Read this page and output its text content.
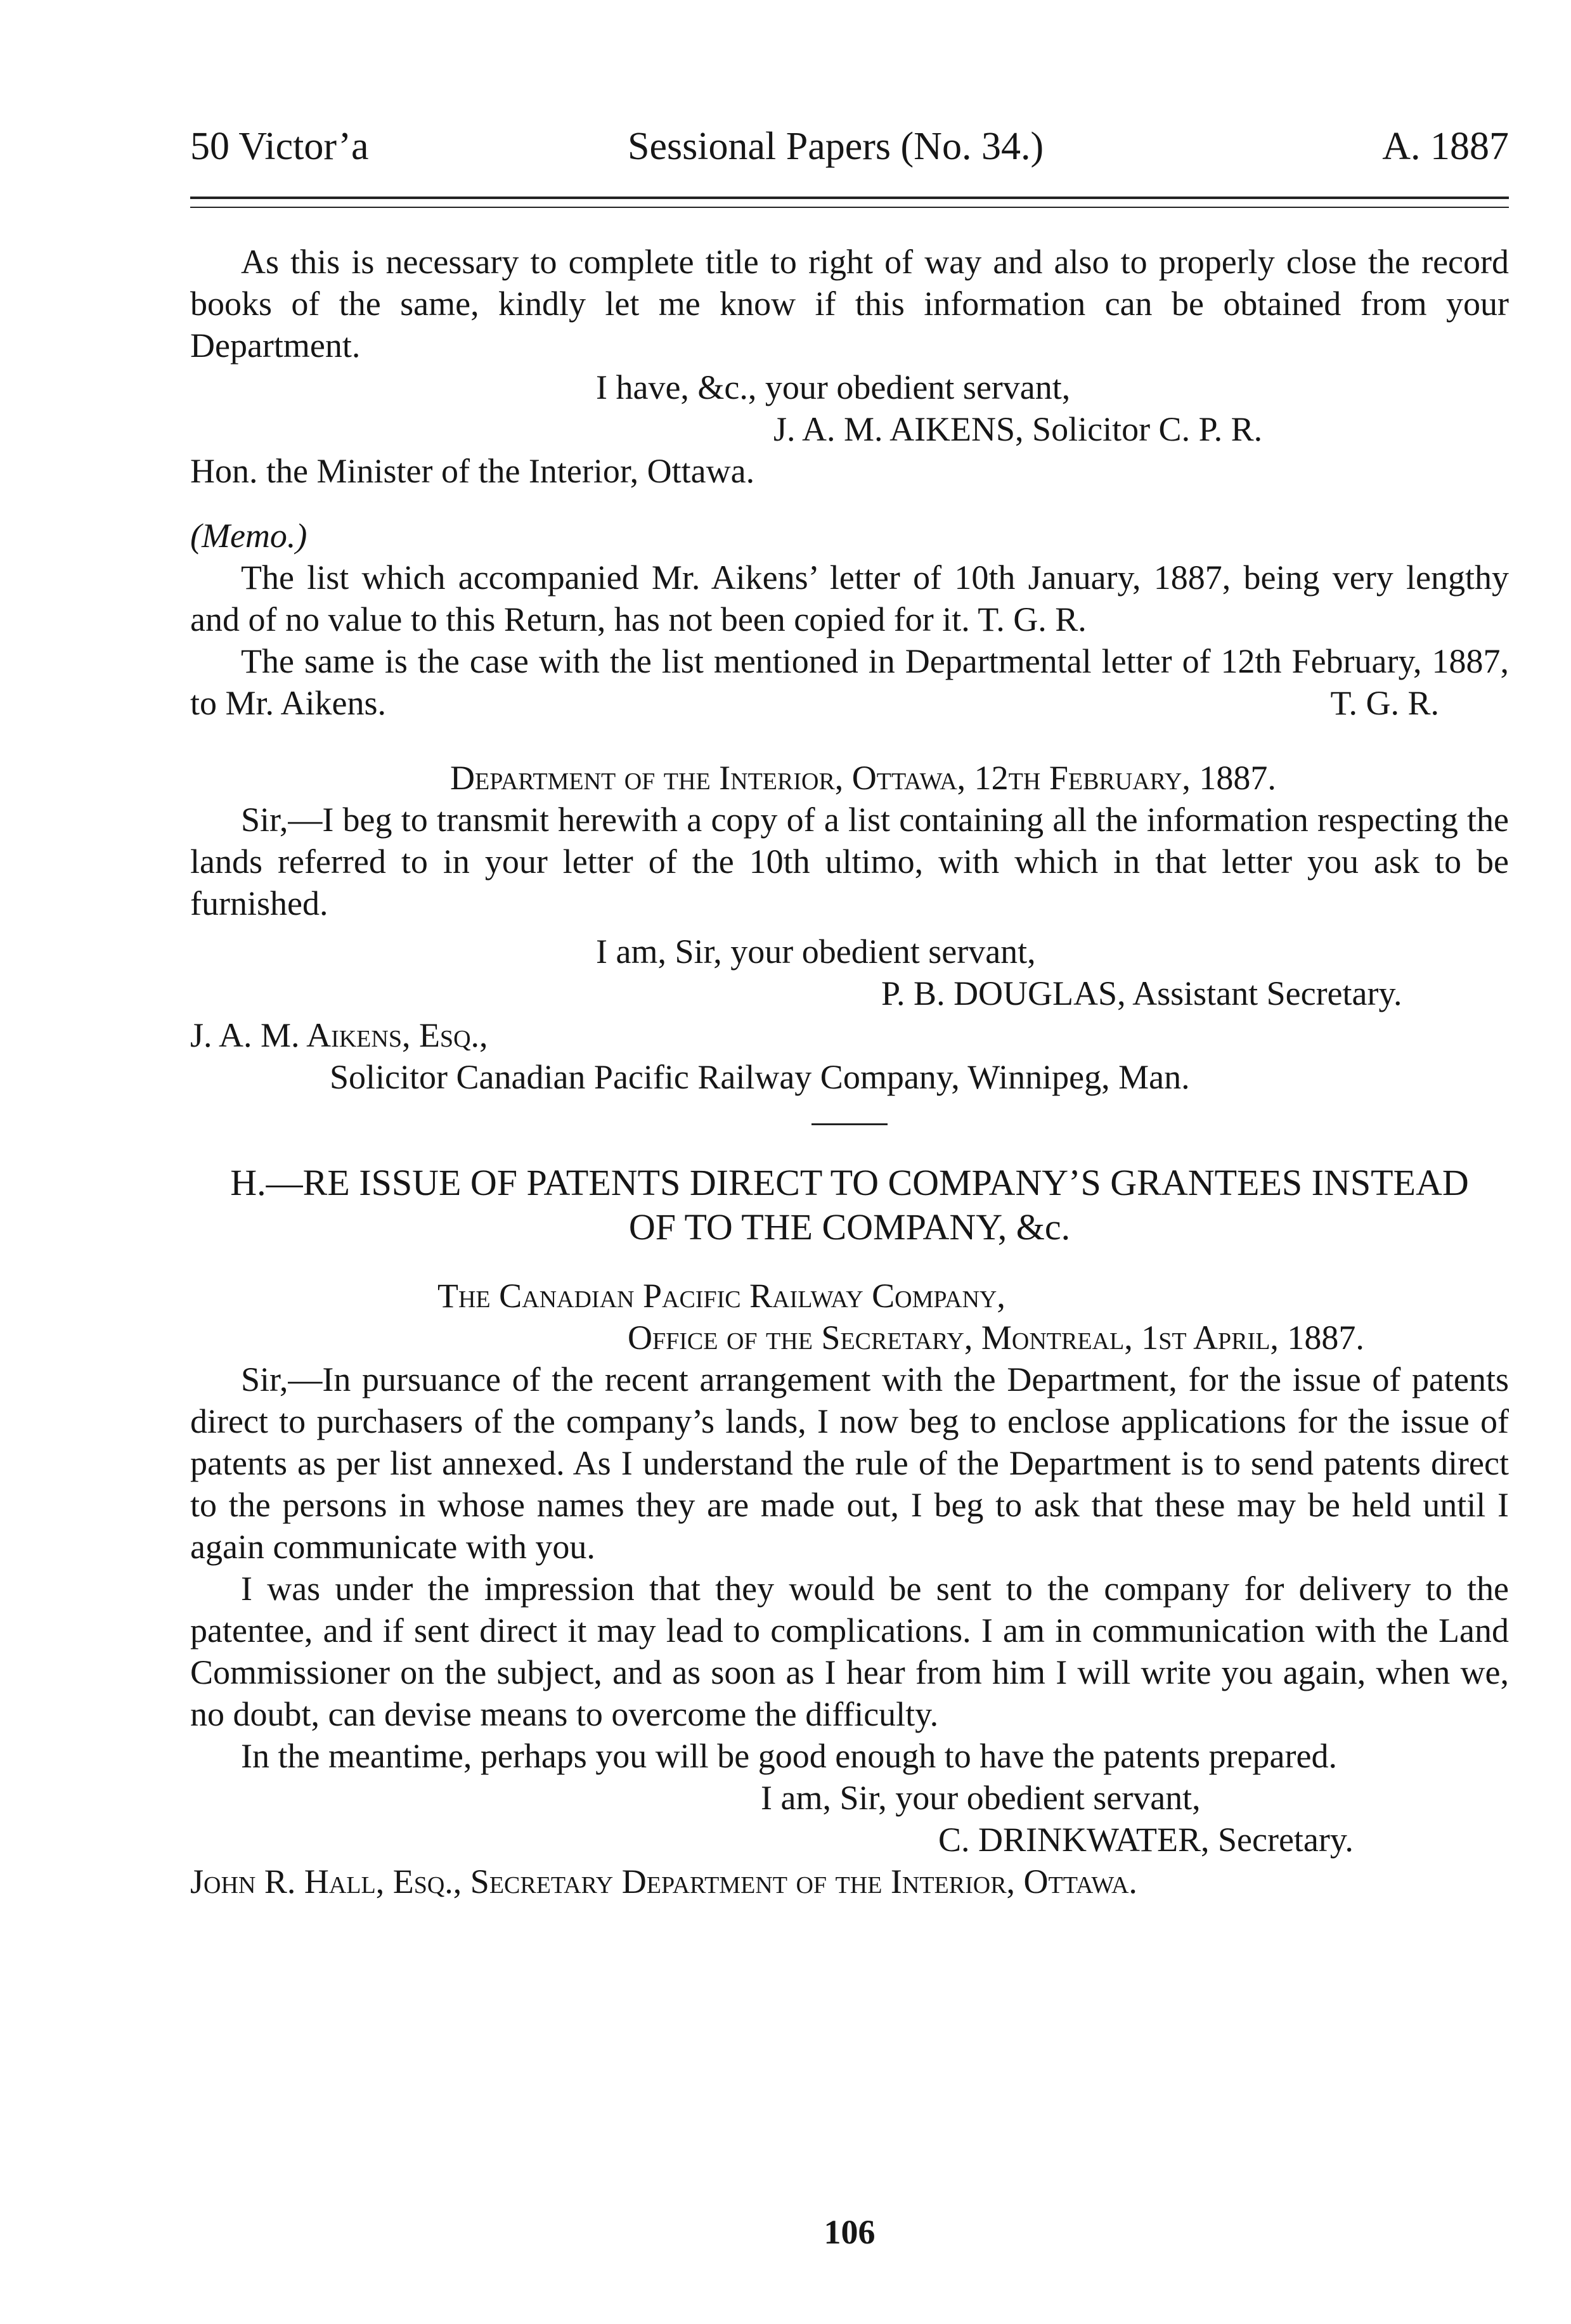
50 Victor’a	Sessional Papers (No. 34.)	A. 1887

As this is necessary to complete title to right of way and also to properly close the record books of the same, kindly let me know if this information can be obtained from your Department.

I have, &c., your obedient servant,
J. A. M. AIKENS, Solicitor C. P. R.
Hon. the Minister of the Interior, Ottawa.
(Memo.)

The list which accompanied Mr. Aikens’ letter of 10th January, 1887, being very lengthy and of no value to this Return, has not been copied for it. T. G. R.

The same is the case with the list mentioned in Departmental letter of 12th February, 1887, to Mr. Aikens.	T. G. R.

Department of the Interior, Ottawa, 12th February, 1887.

Sir,—I beg to transmit herewith a copy of a list containing all the information respecting the lands referred to in your letter of the 10th ultimo, with which in that letter you ask to be furnished.

I am, Sir, your obedient servant,
P. B. DOUGLAS, Assistant Secretary.
J. A. M. Aikens, Esq.,
Solicitor Canadian Pacific Railway Company, Winnipeg, Man.
H.—RE ISSUE OF PATENTS DIRECT TO COMPANY’S GRANTEES INSTEAD
OF TO THE COMPANY, &c.
The Canadian Pacific Railway Company,
Office of the Secretary, Montreal, 1st April, 1887.

Sir,—In pursuance of the recent arrangement with the Department, for the issue of patents direct to purchasers of the company’s lands, I now beg to enclose applications for the issue of patents as per list annexed. As I understand the rule of the Department is to send patents direct to the persons in whose names they are made out, I beg to ask that these may be held until I again communicate with you.

I was under the impression that they would be sent to the company for delivery to the patentee, and if sent direct it may lead to complications. I am in communication with the Land Commissioner on the subject, and as soon as I hear from him I will write you again, when we, no doubt, can devise means to overcome the difficulty.

In the meantime, perhaps you will be good enough to have the patents prepared.

I am, Sir, your obedient servant,
C. DRINKWATER, Secretary.
John R. Hall, Esq., Secretary Department of the Interior, Ottawa.
106
